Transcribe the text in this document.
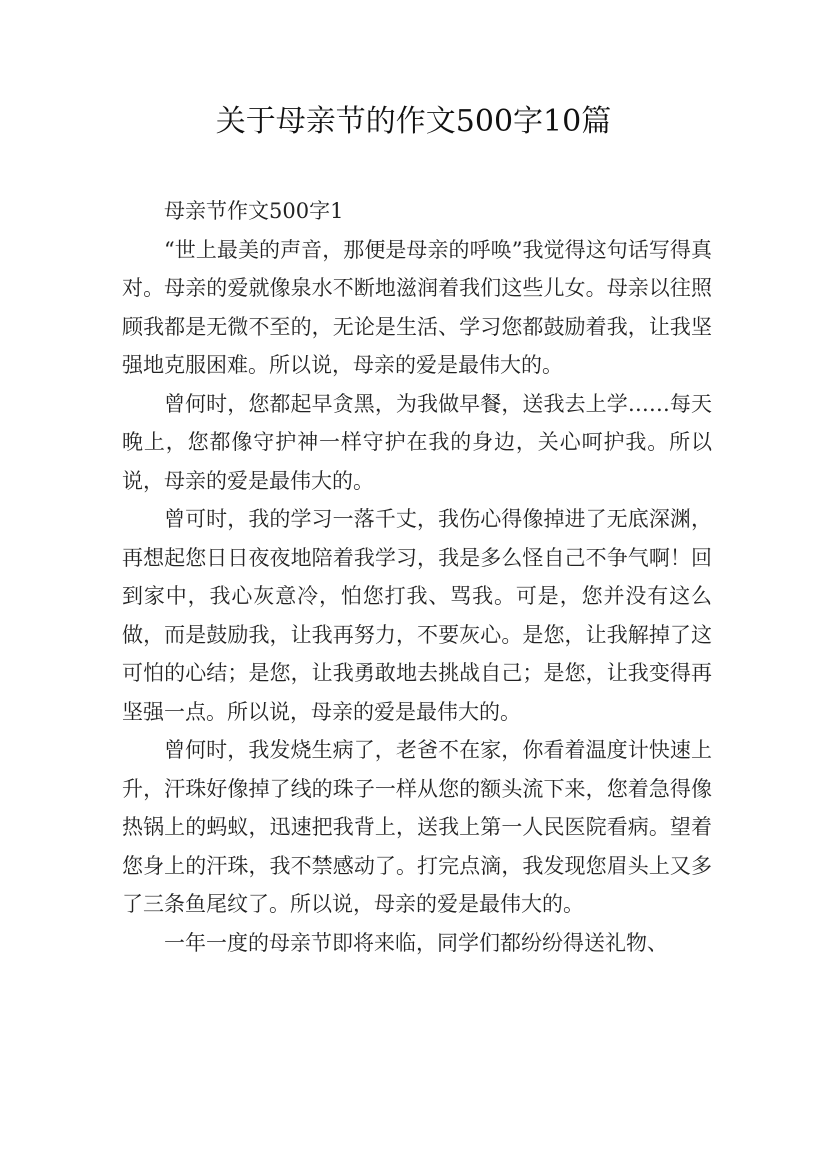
关于母亲节的作文500字10篇

母亲节作文500字1

“世上最美的声音，那便是母亲的呼唤”我觉得这句话写得真对。母亲的爱就像泉水不断地滋润着我们这些儿女。母亲以往照顾我都是无微不至的，无论是生活、学习您都鼓励着我，让我坚强地克服困难。所以说，母亲的爱是最伟大的。

曾何时，您都起早贪黑，为我做早餐，送我去上学……每天晚上，您都像守护神一样守护在我的身边，关心呵护我。所以说，母亲的爱是最伟大的。

曾可时，我的学习一落千丈，我伤心得像掉进了无底深渊，再想起您日日夜夜地陪着我学习，我是多么怪自己不争气啊！回到家中，我心灰意冷，怕您打我、骂我。可是，您并没有这么做，而是鼓励我，让我再努力，不要灰心。是您，让我解掉了这可怕的心结；是您，让我勇敢地去挑战自己；是您，让我变得再坚强一点。所以说，母亲的爱是最伟大的。

曾何时，我发烧生病了，老爸不在家，你看着温度计快速上升，汗珠好像掉了线的珠子一样从您的额头流下来，您着急得像热锅上的蚂蚁，迅速把我背上，送我上第一人民医院看病。望着您身上的汗珠，我不禁感动了。打完点滴，我发现您眉头上又多了三条鱼尾纹了。所以说，母亲的爱是最伟大的。

一年一度的母亲节即将来临，同学们都纷纷得送礼物、
